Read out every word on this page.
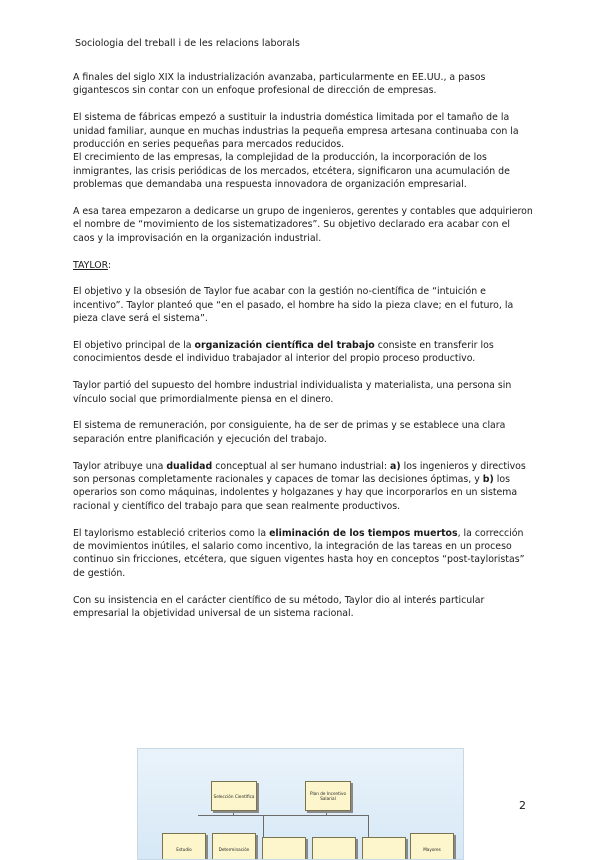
Sociologia del treball i de les relacions laborals

A finales del siglo XIX la industrialización avanzaba, particularmente en EE.UU., a pasos gigantescos sin contar con un enfoque profesional de dirección de empresas.

El sistema de fábricas empezó a sustituir la industria doméstica limitada por el tamaño de la unidad familiar, aunque en muchas industrias la pequeña empresa artesana continuaba con la producción en series pequeñas para mercados reducidos.

El crecimiento de las empresas, la complejidad de la producción, la incorporación de los inmigrantes, las crisis periódicas de los mercados, etcétera, significaron una acumulación de problemas que demandaba una respuesta innovadora de organización empresarial.

A esa tarea empezaron a dedicarse un grupo de ingenieros, gerentes y contables que adquirieron el nombre de “movimiento de los sistematizadores”. Su objetivo declarado era acabar con el caos y la improvisación en la organización industrial.

TAYLOR:

El objetivo y la obsesión de Taylor fue acabar con la gestión no-científica de “intuición e incentivo”. Taylor planteó que “en el pasado, el hombre ha sido la pieza clave; en el futuro, la pieza clave será el sistema”.

El objetivo principal de la organización científica del trabajo consiste en transferir los conocimientos desde el individuo trabajador al interior del propio proceso productivo.

Taylor partió del supuesto del hombre industrial individualista y materialista, una persona sin vínculo social que primordialmente piensa en el dinero.

El sistema de remuneración, por consiguiente, ha de ser de primas y se establece una clara separación entre planificación y ejecución del trabajo.

Taylor atribuye una dualidad conceptual al ser humano industrial: a) los ingenieros y directivos son personas completamente racionales y capaces de tomar las decisiones óptimas, y b) los operarios son como máquinas, indolentes y holgazanes y hay que incorporarlos en un sistema racional y científico del trabajo para que sean realmente productivos.

El taylorismo estableció criterios como la eliminación de los tiempos muertos, la corrección de movimientos inútiles, el salario como incentivo, la integración de las tareas en un proceso continuo sin fricciones, etcétera, que siguen vigentes hasta hoy en conceptos “post-tayloristas” de gestión.

Con su insistencia en el carácter científico de su método, Taylor dio al interés particular empresarial la objetividad universal de un sistema racional.

Selección Científica	Plan de Incentivo Salarial
Estudio	Determinación	Mayores
2
